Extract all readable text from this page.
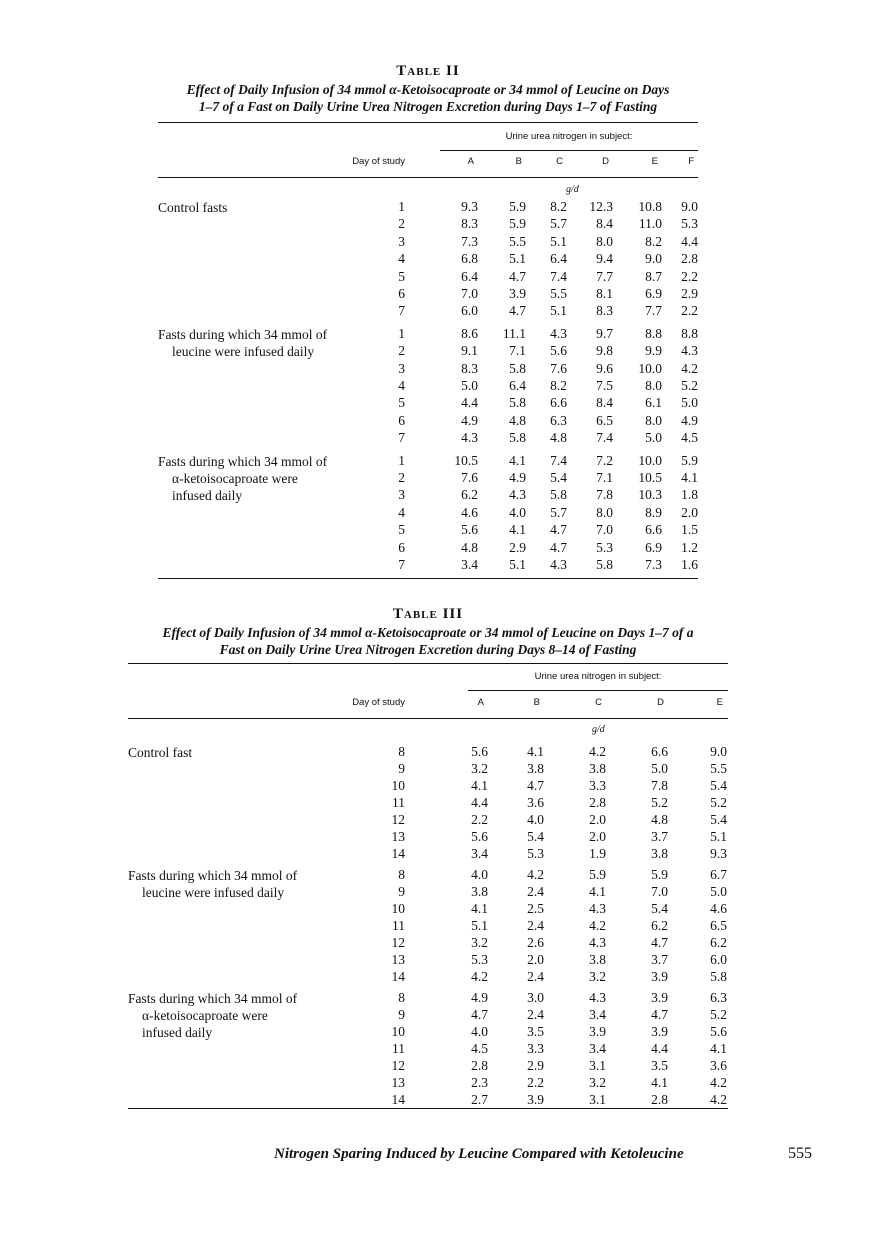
Table II
Effect of Daily Infusion of 34 mmol α-Ketoisocaproate or 34 mmol of Leucine on Days
1–7 of a Fast on Daily Urine Urea Nitrogen Excretion during Days 1–7 of Fasting
Urine urea nitrogen in subject:
Day of study	A	B	C	D	E	F
g/d
Control fasts	1	9.3	5.9	8.2	12.3	10.8	9.0
2	8.3	5.9	5.7	8.4	11.0	5.3
3	7.3	5.5	5.1	8.0	8.2	4.4
4	6.8	5.1	6.4	9.4	9.0	2.8
5	6.4	4.7	7.4	7.7	8.7	2.2
6	7.0	3.9	5.5	8.1	6.9	2.9
7	6.0	4.7	5.1	8.3	7.7	2.2
Fasts during which 34 mmol of
leucine were infused daily
1	8.6	11.1	4.3	9.7	8.8	8.8
2	9.1	7.1	5.6	9.8	9.9	4.3
3	8.3	5.8	7.6	9.6	10.0	4.2
4	5.0	6.4	8.2	7.5	8.0	5.2
5	4.4	5.8	6.6	8.4	6.1	5.0
6	4.9	4.8	6.3	6.5	8.0	4.9
7	4.3	5.8	4.8	7.4	5.0	4.5
Fasts during which 34 mmol of
α-ketoisocaproate were
infused daily
1	10.5	4.1	7.4	7.2	10.0	5.9
2	7.6	4.9	5.4	7.1	10.5	4.1
3	6.2	4.3	5.8	7.8	10.3	1.8
4	4.6	4.0	5.7	8.0	8.9	2.0
5	5.6	4.1	4.7	7.0	6.6	1.5
6	4.8	2.9	4.7	5.3	6.9	1.2
7	3.4	5.1	4.3	5.8	7.3	1.6
Table III
Effect of Daily Infusion of 34 mmol α-Ketoisocaproate or 34 mmol of Leucine on Days 1–7 of a
Fast on Daily Urine Urea Nitrogen Excretion during Days 8–14 of Fasting
Urine urea nitrogen in subject:
Day of study	A	B	C	D	E
g/d
Control fast	8	5.6	4.1	4.2	6.6	9.0
9	3.2	3.8	3.8	5.0	5.5
10	4.1	4.7	3.3	7.8	5.4
11	4.4	3.6	2.8	5.2	5.2
12	2.2	4.0	2.0	4.8	5.4
13	5.6	5.4	2.0	3.7	5.1
14	3.4	5.3	1.9	3.8	9.3
Fasts during which 34 mmol of
leucine were infused daily
8	4.0	4.2	5.9	5.9	6.7
9	3.8	2.4	4.1	7.0	5.0
10	4.1	2.5	4.3	5.4	4.6
11	5.1	2.4	4.2	6.2	6.5
12	3.2	2.6	4.3	4.7	6.2
13	5.3	2.0	3.8	3.7	6.0
14	4.2	2.4	3.2	3.9	5.8
Fasts during which 34 mmol of
α-ketoisocaproate were
infused daily
8	4.9	3.0	4.3	3.9	6.3
9	4.7	2.4	3.4	4.7	5.2
10	4.0	3.5	3.9	3.9	5.6
11	4.5	3.3	3.4	4.4	4.1
12	2.8	2.9	3.1	3.5	3.6
13	2.3	2.2	3.2	4.1	4.2
14	2.7	3.9	3.1	2.8	4.2
Nitrogen Sparing Induced by Leucine Compared with Ketoleucine	555
